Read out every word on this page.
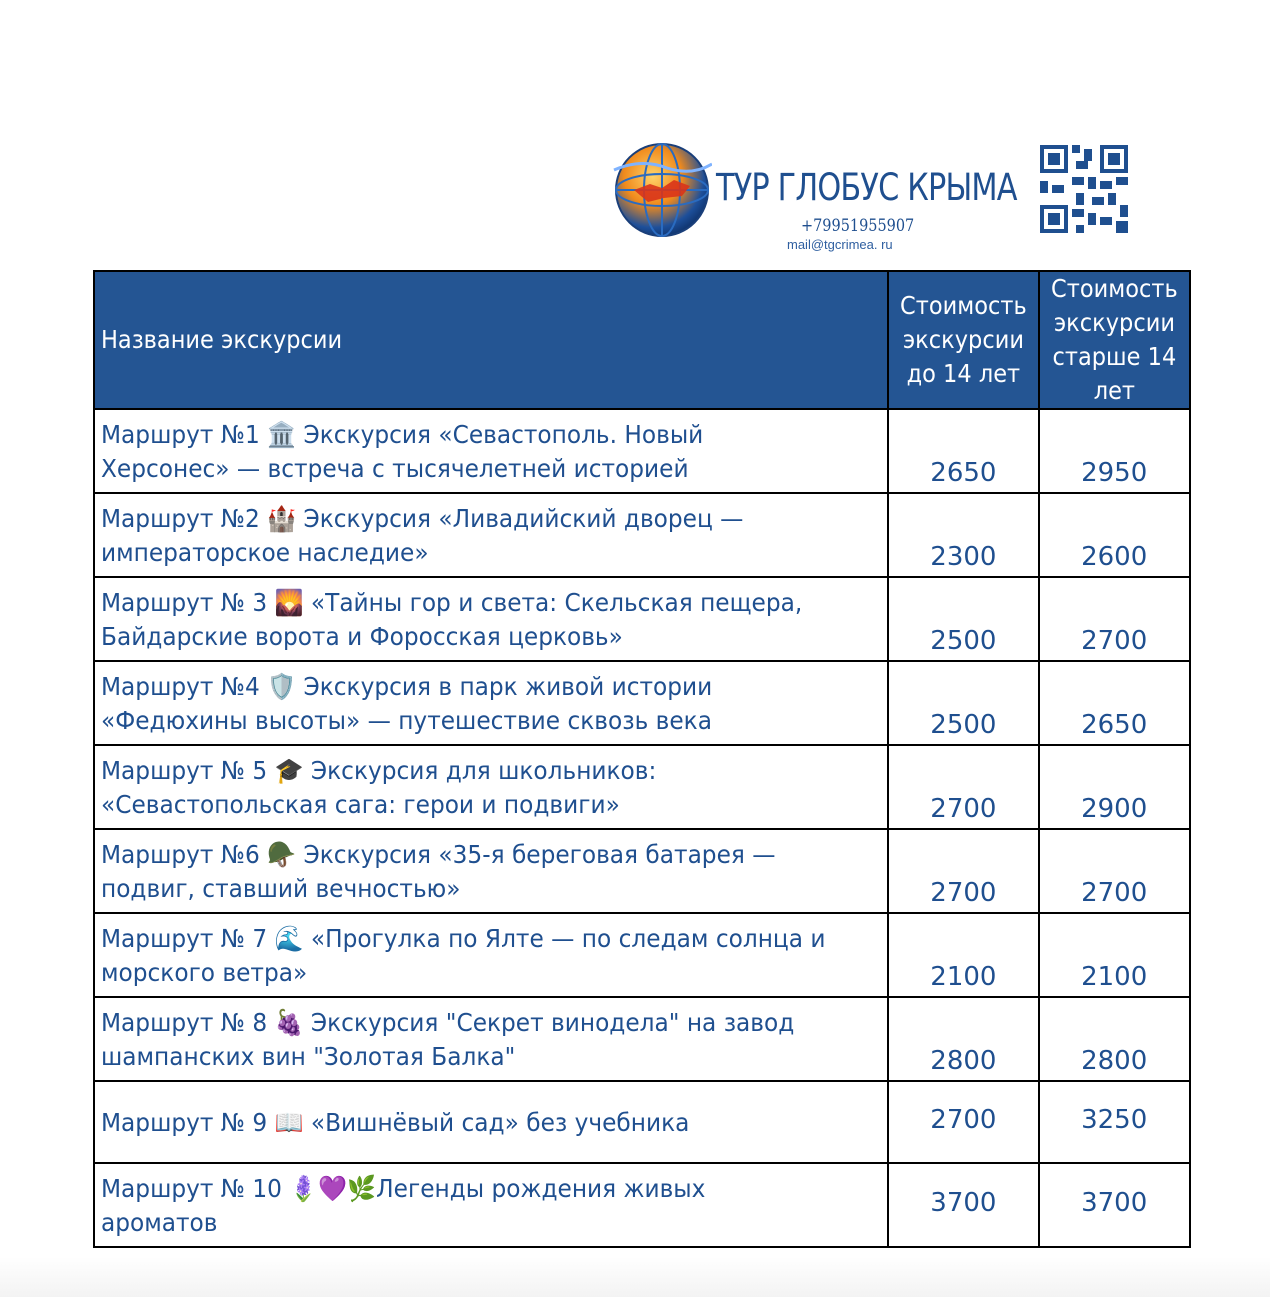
ТУР ГЛОБУС КРЫМА
+79951955907
mail@tgcrimea. ru
Название экскурсии	Стоимость экскурсии до 14 лет	Стоимость экскурсии старше 14 лет

Маршрут №1 🏛️ Экскурсия «Севастополь. Новый Херсонес» — встреча с тысячелетней историей	2650	2950

Маршрут №2 🏰 Экскурсия «Ливадийский дворец — императорское наследие»	2300	2600

Маршрут № 3 🌄 «Тайны гор и света: Скельская пещера, Байдарские ворота и Форосская церковь»	2500	2700

Маршрут №4 🛡️ Экскурсия в парк живой истории «Федюхины высоты» — путешествие сквозь века	2500	2650

Маршрут № 5 🎓 Экскурсия для школьников: «Севастопольская сага: герои и подвиги»	2700	2900

Маршрут №6 🪖 Экскурсия «35-я береговая батарея — подвиг, ставший вечностью»	2700	2700

Маршрут № 7 🌊 «Прогулка по Ялте — по следам солнца и морского ветра»	2100	2100

Маршрут № 8 🍇 Экскурсия "Секрет винодела" на завод шампанских вин "Золотая Балка"	2800	2800

Маршрут № 9 📖 «Вишнёвый сад» без учебника	2700	3250

Маршрут № 10 🪻💜🌿Легенды рождения живых ароматов	3700	3700
